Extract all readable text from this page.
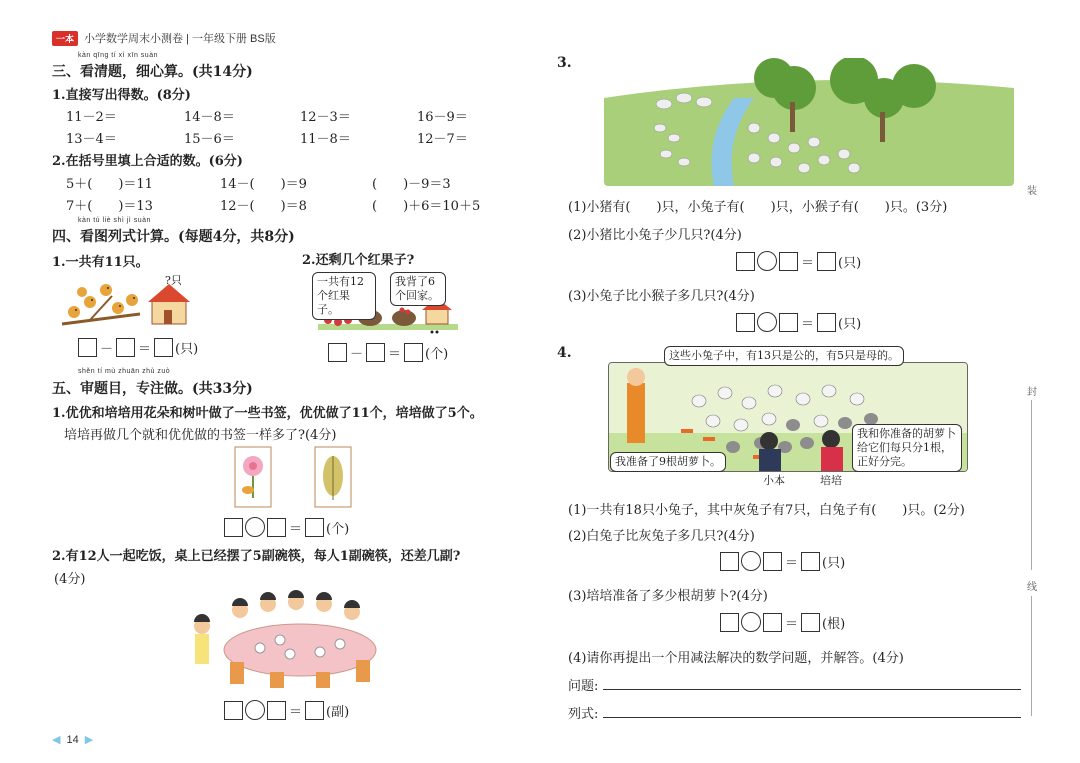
一本 小学数学周末小测卷 | 一年级下册 BS版
kàn qīng tí xì xīn suàn
三、看清题，细心算。(共14分)
1.直接写出得数。(8分)
11－2＝	14－8＝	12－3＝	16－9＝
13－4＝	15－6＝	11－8＝	12－7＝
2.在括号里填上合适的数。(6分)
5＋(　　)＝11	14－(　　)＝9	(　　)－9＝3
7＋(　　)＝13	12－(　　)＝8	(　　)＋6＝10＋5
kàn tú liè shì jì suàn
四、看图列式计算。(每题4分，共8分)
1.一共有11只。	2.还剩几个红果子?
?只	一共有12个红果子。
我背了6个回家。
－ ＝ (只)	－ ＝ (个)
shěn tí mù zhuān zhù zuò
五、审题目，专注做。(共33分)
1.优优和培培用花朵和树叶做了一些书签，优优做了11个，培培做了5个。
培培再做几个就和优优做的书签一样多了?(4分)
＝ (个)
2.有12人一起吃饭，桌上已经摆了5副碗筷，每人1副碗筷，还差几副?
(4分)
＝ (副)
◀ 14 ▶
3.
(1)小猪有(　　)只，小兔子有(　　)只，小猴子有(　　)只。(3分)
(2)小猪比小兔子少几只?(4分)
＝ (只)
(3)小兔子比小猴子多几只?(4分)
＝ (只)
4.	这些小兔子中，有13只是公的，有5只是母的。
我准备了9根胡萝卜。
我和你准备的胡萝卜给它们每只分1根，正好分完。
小本	培培
(1)一共有18只小兔子，其中灰兔子有7只，白兔子有(　　)只。(2分)
(2)白兔子比灰兔子多几只?(4分)
＝ (只)
(3)培培准备了多少根胡萝卜?(4分)
＝ (根)
(4)请你再提出一个用减法解决的数学问题，并解答。(4分)
问题:
列式:
装
封
线
